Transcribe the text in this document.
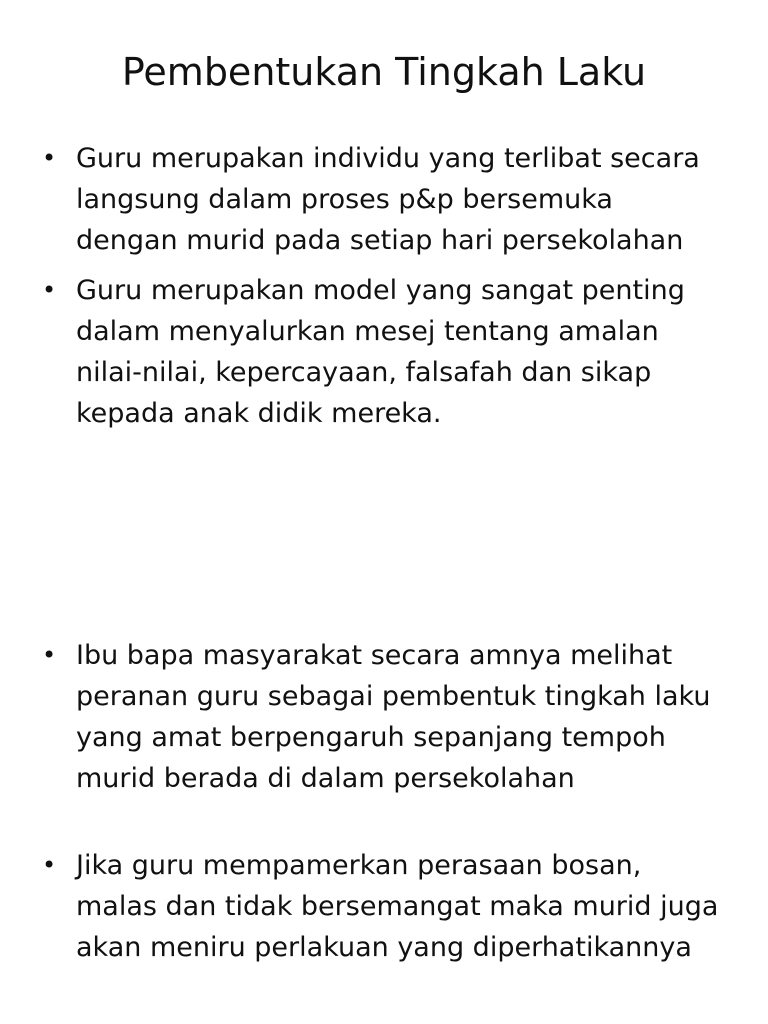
Pembentukan Tingkah Laku
• Guru merupakan individu yang terlibat secara
langsung dalam proses p&p bersemuka
dengan murid pada setiap hari persekolahan
• Guru merupakan model yang sangat penting
dalam menyalurkan mesej tentang amalan
nilai-nilai, kepercayaan, falsafah dan sikap
kepada anak didik mereka.
• Ibu bapa masyarakat secara amnya melihat
peranan guru sebagai pembentuk tingkah laku
yang amat berpengaruh sepanjang tempoh
murid berada di dalam persekolahan
• Jika guru mempamerkan perasaan bosan,
malas dan tidak bersemangat maka murid juga
akan meniru perlakuan yang diperhatikannya
